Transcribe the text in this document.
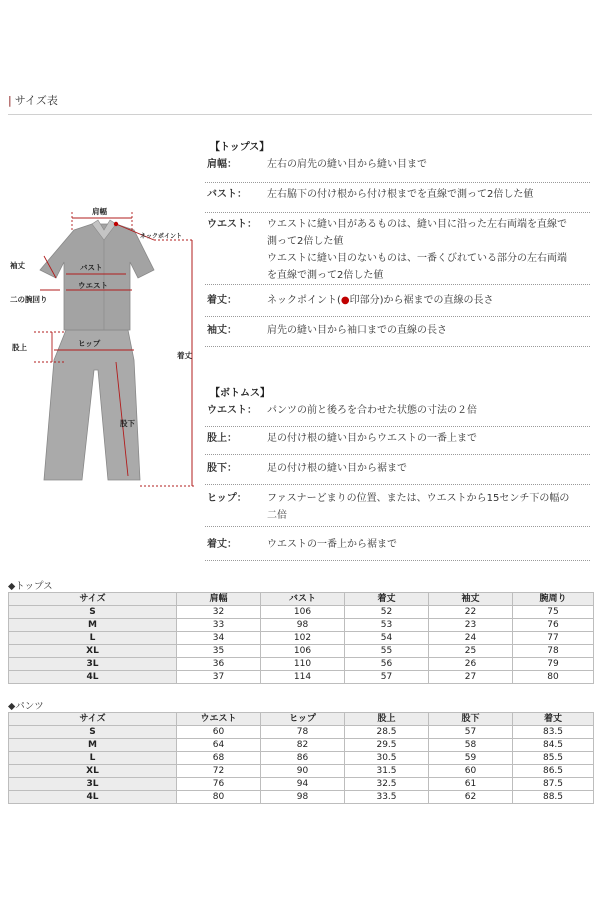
| サイズ表
肩幅
ネックポイント
袖丈	バスト
ウエスト
二の腕回り
ヒップ
股上
着丈
股下
【トップス】
肩幅：	左右の肩先の縫い目から縫い目まで
バスト： 左右脇下の付け根から付け根までを直線で測って2倍した値
ウエスト： ウエストに縫い目があるものは、縫い目に沿った左右両端を直線で
測って2倍した値
ウエストに縫い目のないものは、一番くびれている部分の左右両端
を直線で測って2倍した値
着丈：	ネックポイント(●印部分)から裾までの直線の長さ
袖丈：	肩先の縫い目から袖口までの直線の長さ
【ボトムス】
ウエスト： パンツの前と後ろを合わせた状態の寸法の２倍
股上：	足の付け根の縫い目からウエストの一番上まで
股下：	足の付け根の縫い目から裾まで
ヒップ： ファスナーどまりの位置、または、ウエストから15センチ下の幅の
二倍
着丈：	ウエストの一番上から裾まで
◆トップス
サイズ	肩幅	バスト	着丈	袖丈	腕周り
S	32	106	52	22	75
M	33	98	53	23	76
L	34	102	54	24	77
XL	35	106	55	25	78
3L	36	110	56	26	79
4L	37	114	57	27	80
◆パンツ
サイズ	ウエスト	ヒップ	股上	股下	着丈
S	60	78	28.5	57	83.5
M	64	82	29.5	58	84.5
L	68	86	30.5	59	85.5
XL	72	90	31.5	60	86.5
3L	76	94	32.5	61	87.5
4L	80	98	33.5	62	88.5
